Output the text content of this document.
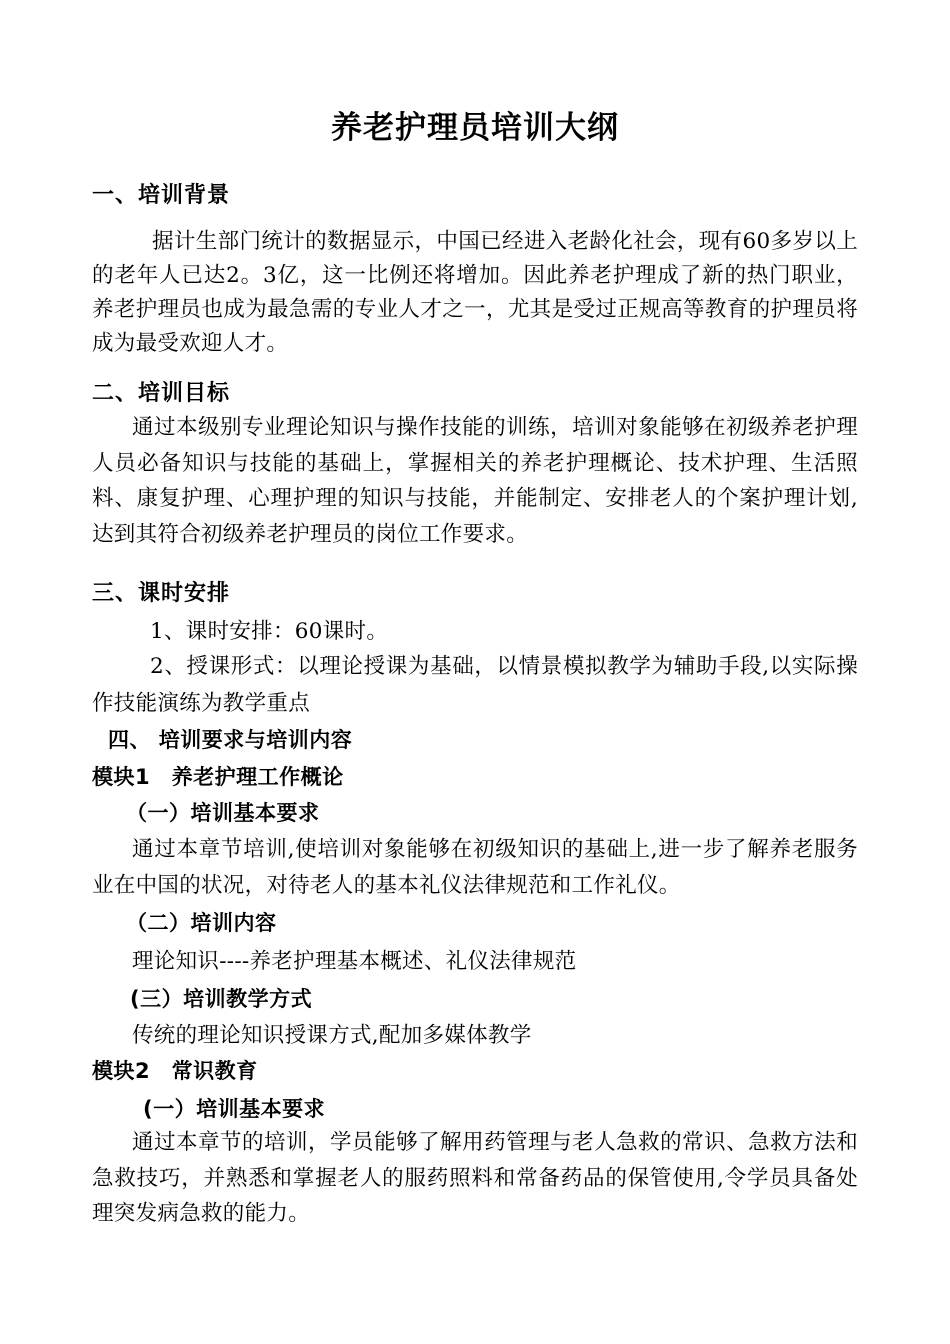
养老护理员培训大纲
一、培训背景

据计生部门统计的数据显示，中国已经进入老龄化社会，现有60多岁以上的老年人已达2。3亿，这一比例还将增加。因此养老护理成了新的热门职业，养老护理员也成为最急需的专业人才之一，尤其是受过正规高等教育的护理员将成为最受欢迎人才。

二、培训目标

通过本级别专业理论知识与操作技能的训练，培训对象能够在初级养老护理人员必备知识与技能的基础上，掌握相关的养老护理概论、技术护理、生活照料、康复护理、心理护理的知识与技能，并能制定、安排老人的个案护理计划,达到其符合初级养老护理员的岗位工作要求。

三、课时安排

1、课时安排：60课时。

2、授课形式：以理论授课为基础，以情景模拟教学为辅助手段,以实际操作技能演练为教学重点

四、 培训要求与培训内容
模块1　养老护理工作概论
（一）培训基本要求

通过本章节培训,使培训对象能够在初级知识的基础上,进一步了解养老服务业在中国的状况，对待老人的基本礼仪法律规范和工作礼仪。

（二）培训内容

理论知识----养老护理基本概述、礼仪法律规范

(三）培训教学方式

传统的理论知识授课方式,配加多媒体教学

模块2　常识教育
(一）培训基本要求

通过本章节的培训，学员能够了解用药管理与老人急救的常识、急救方法和急救技巧，并熟悉和掌握老人的服药照料和常备药品的保管使用,令学员具备处理突发病急救的能力。
